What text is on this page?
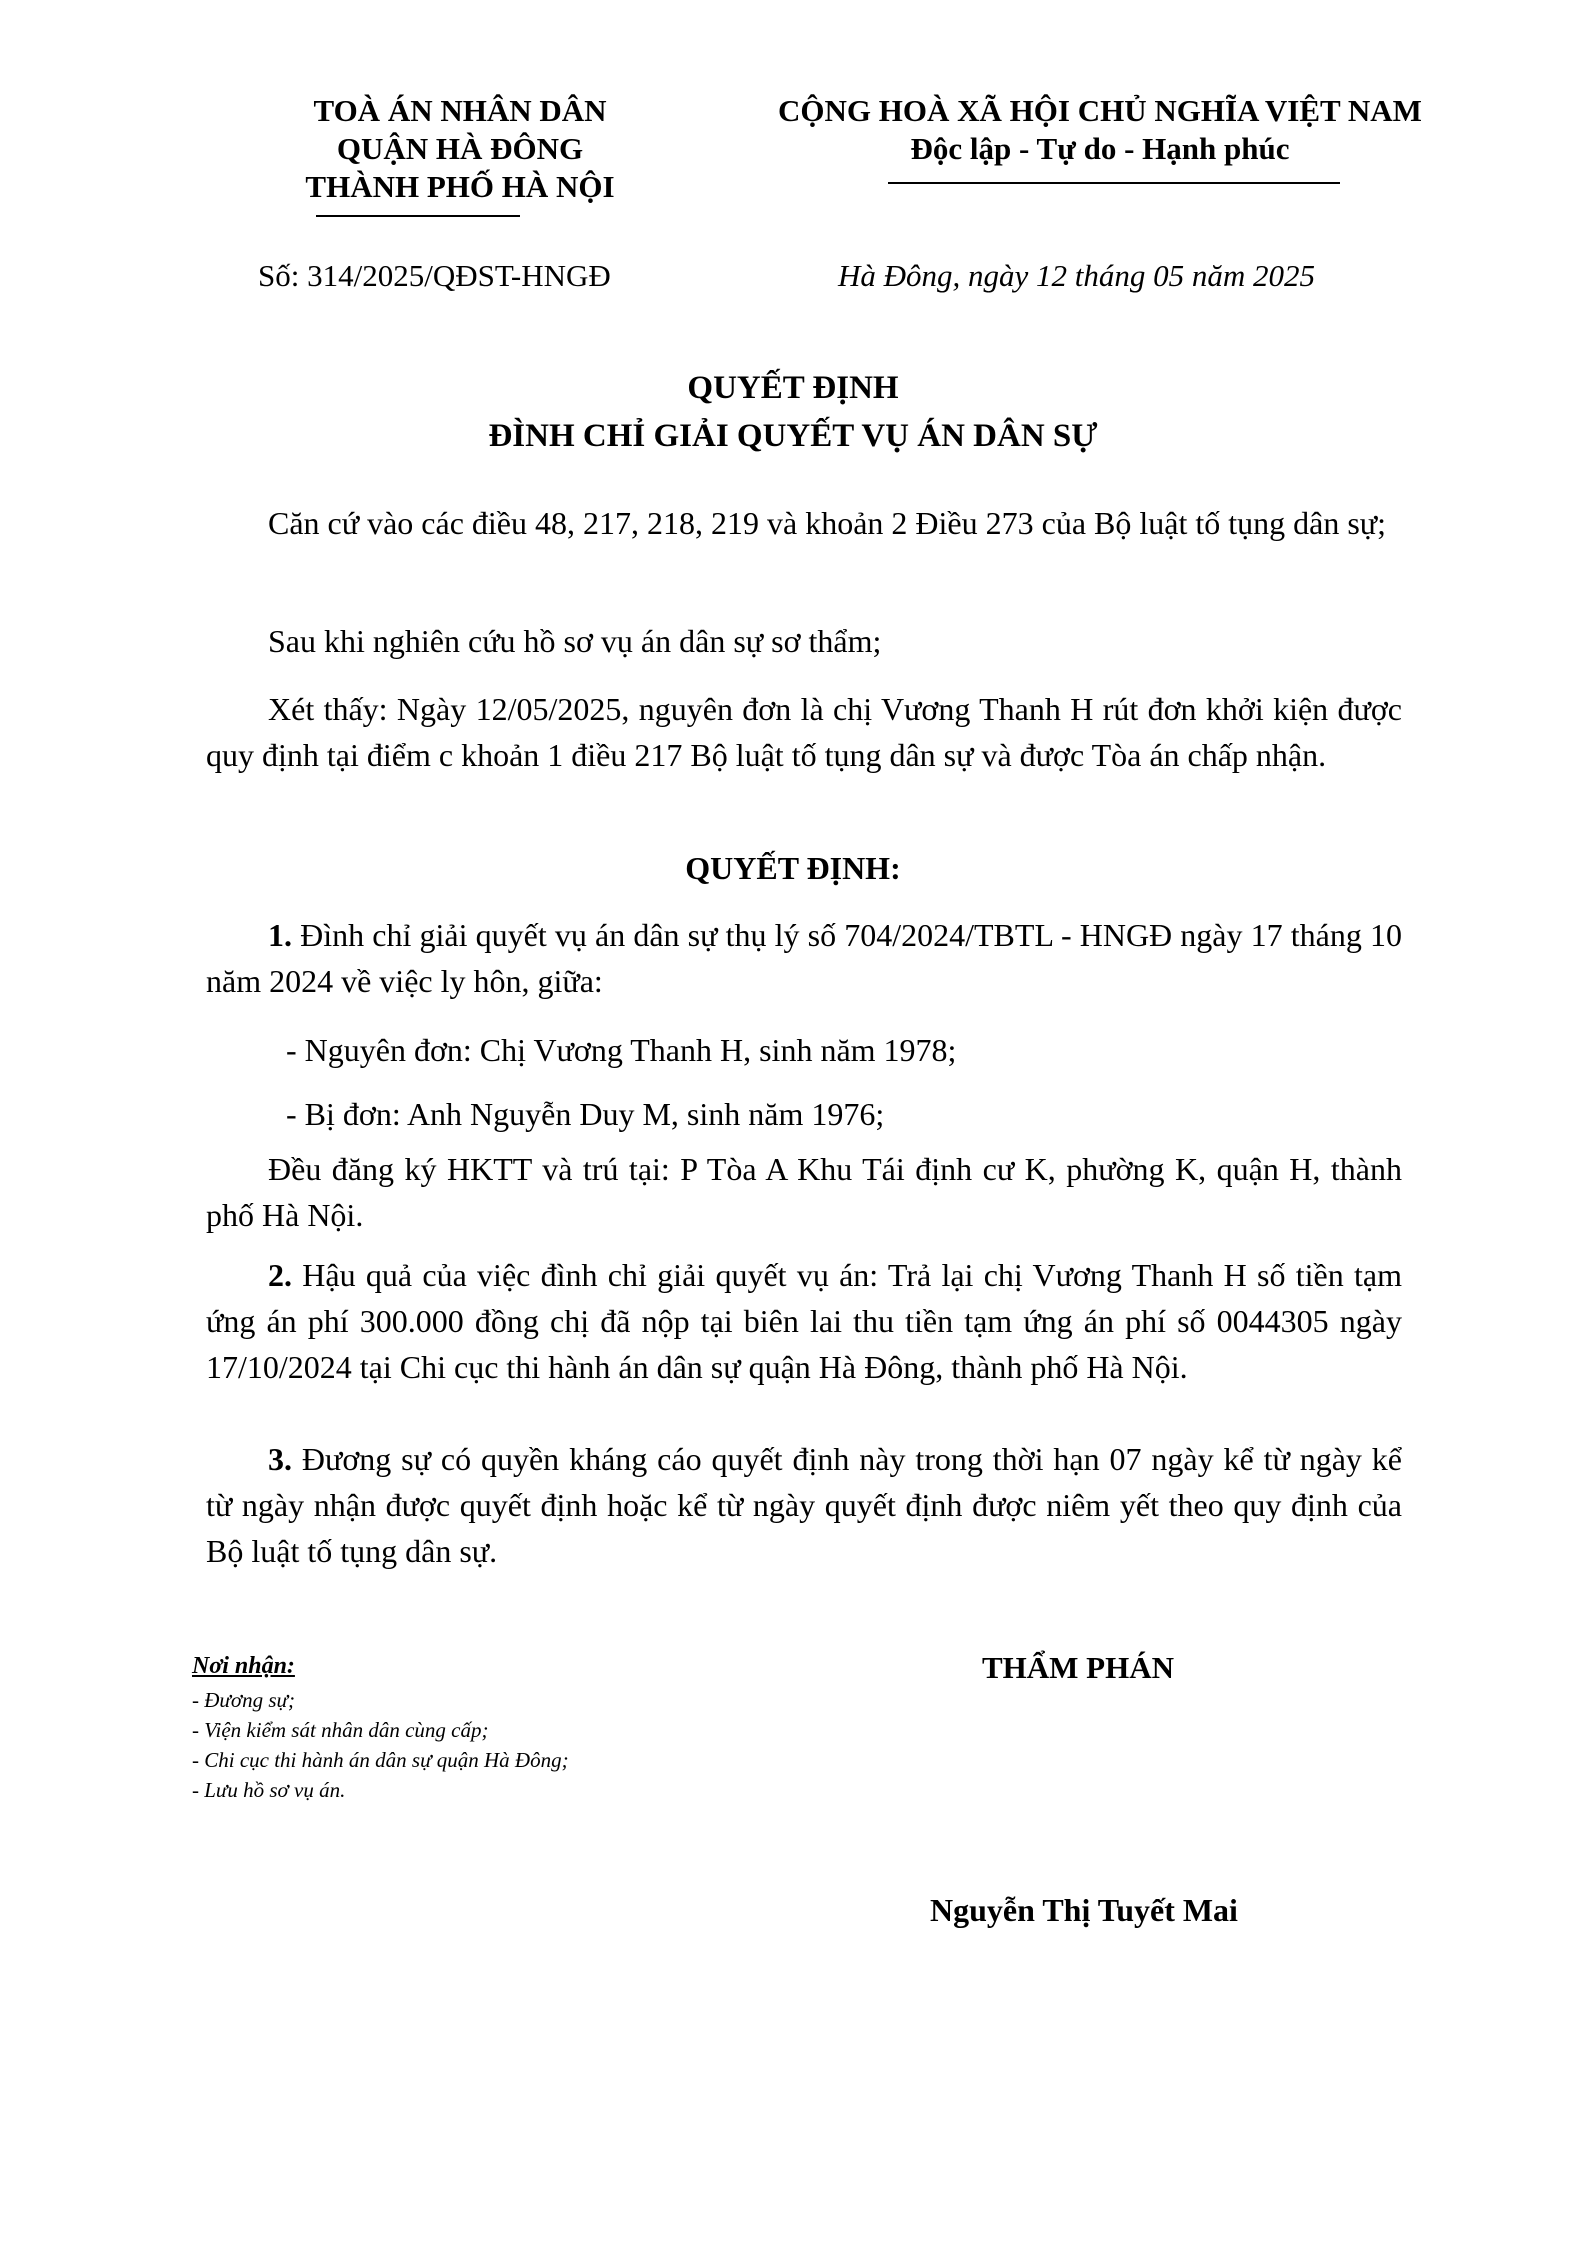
TOÀ ÁN NHÂN DÂN
QUẬN HÀ ĐÔNG
THÀNH PHỐ HÀ NỘI
CỘNG HOÀ XÃ HỘI CHỦ NGHĨA VIỆT NAM
Độc lập - Tự do - Hạnh phúc
Số: 314/2025/QĐST-HNGĐ	Hà Đông, ngày 12 tháng 05 năm 2025
QUYẾT ĐỊNH
ĐÌNH CHỈ GIẢI QUYẾT VỤ ÁN DÂN SỰ
Căn cứ vào các điều 48, 217, 218, 219 và khoản 2 Điều 273 của Bộ luật tố tụng dân sự;
Sau khi nghiên cứu hồ sơ vụ án dân sự sơ thẩm;
Xét thấy: Ngày 12/05/2025, nguyên đơn là chị Vương Thanh H rút đơn khởi kiện được quy định tại điểm c khoản 1 điều 217 Bộ luật tố tụng dân sự và được Tòa án chấp nhận.
QUYẾT ĐỊNH:
1. Đình chỉ giải quyết vụ án dân sự thụ lý số 704/2024/TBTL - HNGĐ ngày 17 tháng 10 năm 2024 về việc ly hôn, giữa:
- Nguyên đơn: Chị Vương Thanh H, sinh năm 1978;
- Bị đơn: Anh Nguyễn Duy M, sinh năm 1976;
Đều đăng ký HKTT và trú tại: P Tòa A Khu Tái định cư K, phường K, quận H, thành phố Hà Nội.
2. Hậu quả của việc đình chỉ giải quyết vụ án: Trả lại chị Vương Thanh H số tiền tạm ứng án phí 300.000 đồng chị đã nộp tại biên lai thu tiền tạm ứng án phí số 0044305 ngày 17/10/2024 tại Chi cục thi hành án dân sự quận Hà Đông, thành phố Hà Nội.
3. Đương sự có quyền kháng cáo quyết định này trong thời hạn 07 ngày kể từ ngày kể từ ngày nhận được quyết định hoặc kể từ ngày quyết định được niêm yết theo quy định của Bộ luật tố tụng dân sự.
Nơi nhận:
- Đương sự;
- Viện kiểm sát nhân dân cùng cấp;
- Chi cục thi hành án dân sự quận Hà Đông;
- Lưu hồ sơ vụ án.
THẨM PHÁN
Nguyễn Thị Tuyết Mai
